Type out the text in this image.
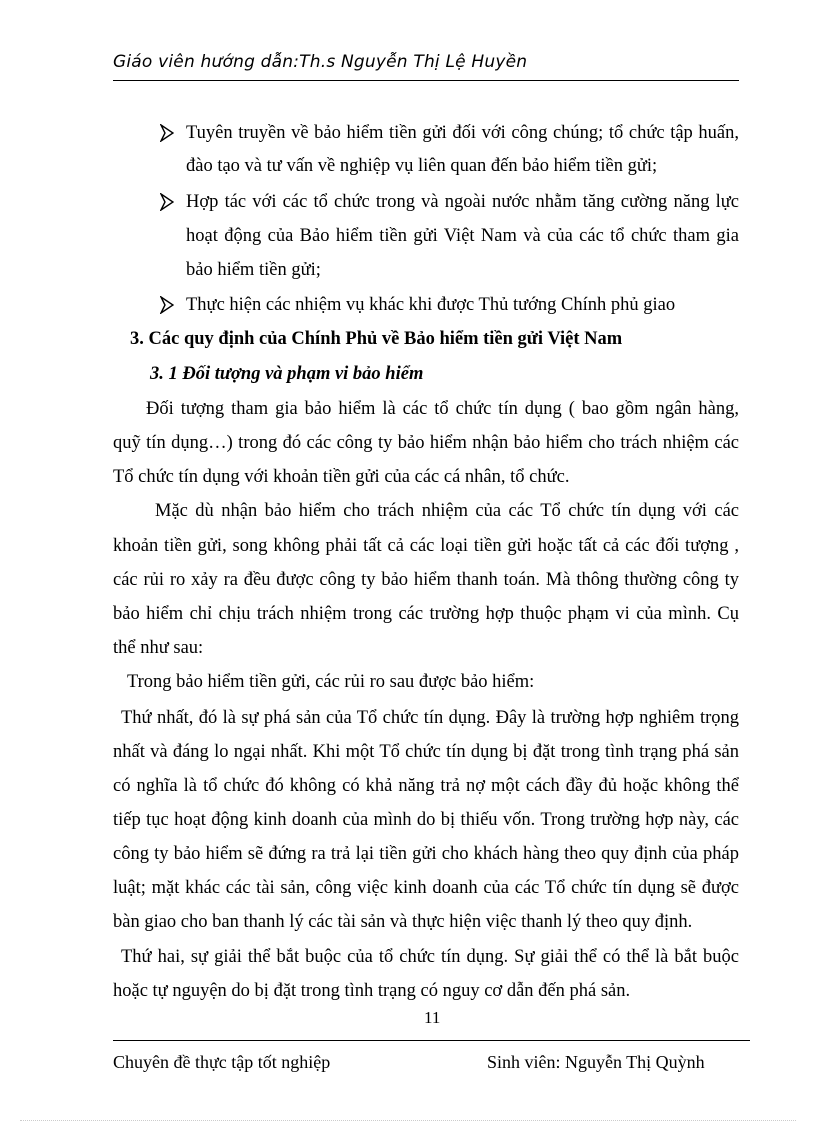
Giáo viên hướng dẫn:Th.s Nguyễn Thị Lệ Huyền
Tuyên truyền về bảo hiểm tiền gửi đối với công chúng; tổ chức tập huấn,
đào tạo và tư vấn về nghiệp vụ liên quan đến bảo hiểm tiền gửi;
Hợp tác với các tổ chức trong và ngoài nước nhằm tăng cường năng lực
hoạt động của Bảo hiểm tiền gửi Việt Nam và của các tổ chức tham gia
bảo hiểm tiền gửi;
Thực hiện các nhiệm vụ khác khi được Thủ tướng Chính phủ giao
3. Các quy định của Chính Phủ về Bảo hiểm tiền gửi Việt Nam
3. 1 Đối tượng và phạm vi bảo hiểm
Đối tượng tham gia bảo hiểm là các tổ chức tín dụng ( bao gồm ngân hàng,
quỹ tín dụng…) trong đó các công ty bảo hiểm nhận bảo hiểm cho trách nhiệm các
Tổ chức tín dụng với khoản tiền gửi của các cá nhân, tổ chức.
Mặc dù nhận bảo hiểm cho trách nhiệm của các Tổ chức tín dụng với các
khoản tiền gửi, song không phải tất cả các loại tiền gửi hoặc tất cả các đối tượng ,
các rủi ro xảy ra đều được công ty bảo hiểm thanh toán. Mà thông thường công ty
bảo hiểm chỉ chịu trách nhiệm trong các trường hợp thuộc phạm vi của mình. Cụ
thể như sau:
Trong bảo hiểm tiền gửi, các rủi ro sau được bảo hiểm:
Thứ nhất, đó là sự phá sản của Tổ chức tín dụng. Đây là trường hợp nghiêm trọng
nhất và đáng lo ngại nhất. Khi một Tổ chức tín dụng bị đặt trong tình trạng phá sản
có nghĩa là tổ chức đó không có khả năng trả nợ một cách đầy đủ hoặc không thể
tiếp tục hoạt động kinh doanh của mình do bị thiếu vốn. Trong trường hợp này, các
công ty bảo hiểm sẽ đứng ra trả lại tiền gửi cho khách hàng theo quy định của pháp
luật; mặt khác các tài sản, công việc kinh doanh của các Tổ chức tín dụng sẽ được
bàn giao cho ban thanh lý các tài sản và thực hiện việc thanh lý theo quy định.
Thứ hai, sự giải thể bắt buộc của tổ chức tín dụng. Sự giải thể có thể là bắt buộc
hoặc tự nguyện do bị đặt trong tình trạng có nguy cơ dẫn đến phá sản.
11
Chuyên đề thực tập tốt nghiệp	Sinh viên: Nguyễn Thị Quỳnh
